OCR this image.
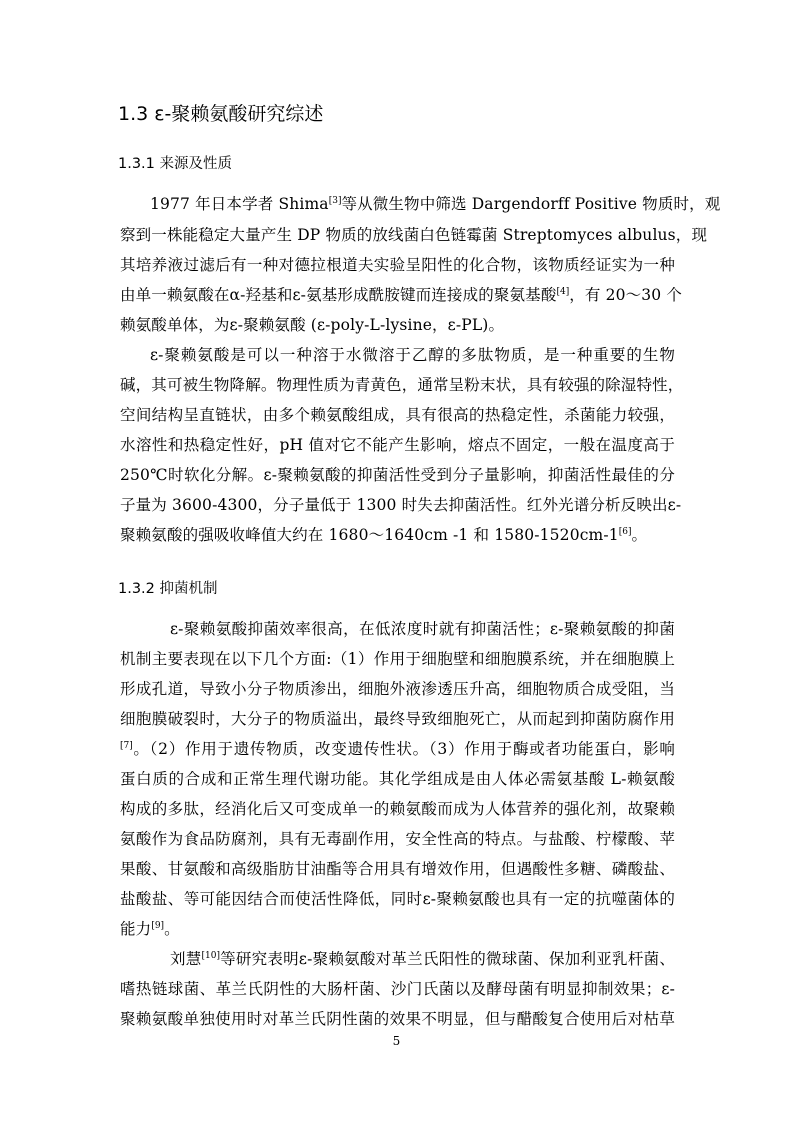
1.3 ε-聚赖氨酸研究综述
1.3.1 来源及性质
1977 年日本学者 Shima[3]等从微生物中筛选 Dargendorff Positive 物质时，观
察到一株能稳定大量产生 DP 物质的放线菌白色链霉菌 Streptomyces albulus，现
其培养液过滤后有一种对德拉根道夫实验呈阳性的化合物，该物质经证实为一种
由单一赖氨酸在α-羟基和ε-氨基形成酰胺键而连接成的聚氨基酸[4]，有 20～30 个
赖氨酸单体，为ε-聚赖氨酸 (ε-poly-L-lysine，ε-PL)。
ε-聚赖氨酸是可以一种溶于水微溶于乙醇的多肽物质，是一种重要的生物
碱，其可被生物降解。物理性质为青黄色，通常呈粉末状，具有较强的除湿特性，
空间结构呈直链状，由多个赖氨酸组成，具有很高的热稳定性，杀菌能力较强，
水溶性和热稳定性好，pH 值对它不能产生影响，熔点不固定，一般在温度高于
250℃时软化分解。ε-聚赖氨酸的抑菌活性受到分子量影响，抑菌活性最佳的分
子量为 3600-4300，分子量低于 1300 时失去抑菌活性。红外光谱分析反映出ε-
聚赖氨酸的强吸收峰值大约在 1680～1640cm -1 和 1580-1520cm-1[6]。
1.3.2 抑菌机制
ε-聚赖氨酸抑菌效率很高，在低浓度时就有抑菌活性；ε-聚赖氨酸的抑菌
机制主要表现在以下几个方面:（1）作用于细胞壁和细胞膜系统，并在细胞膜上
形成孔道，导致小分子物质渗出，细胞外液渗透压升高，细胞物质合成受阻，当
细胞膜破裂时，大分子的物质溢出，最终导致细胞死亡，从而起到抑菌防腐作用
[7]。（2）作用于遗传物质，改变遗传性状。（3）作用于酶或者功能蛋白，影响
蛋白质的合成和正常生理代谢功能。其化学组成是由人体必需氨基酸 L-赖氨酸
构成的多肽，经消化后又可变成单一的赖氨酸而成为人体营养的强化剂，故聚赖
氨酸作为食品防腐剂，具有无毒副作用，安全性高的特点。与盐酸、柠檬酸、苹
果酸、甘氨酸和高级脂肪甘油酯等合用具有增效作用，但遇酸性多糖、磷酸盐、
盐酸盐、等可能因结合而使活性降低，同时ε-聚赖氨酸也具有一定的抗噬菌体的
能力[9]。
刘慧[10]等研究表明ε-聚赖氨酸对革兰氏阳性的微球菌、保加利亚乳杆菌、
嗜热链球菌、革兰氏阴性的大肠杆菌、沙门氏菌以及酵母菌有明显抑制效果；ε-
聚赖氨酸单独使用时对革兰氏阴性菌的效果不明显，但与醋酸复合使用后对枯草
5
